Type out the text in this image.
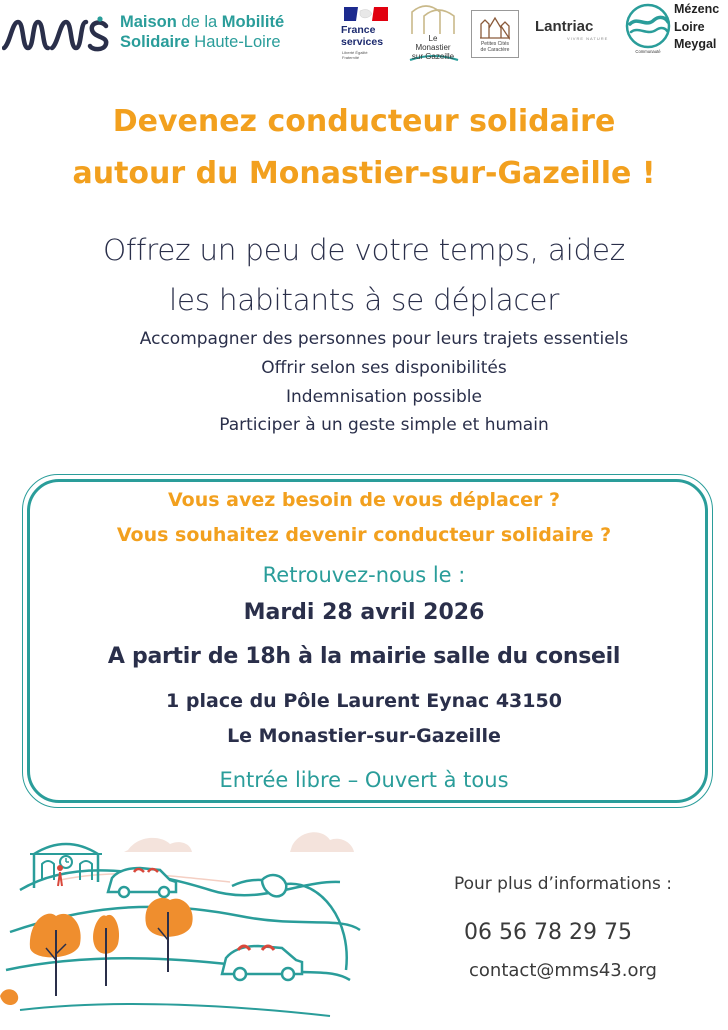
Maison de la Mobilité
Solidaire Haute-Loire
France
services
Liberté Égalité Fraternité
Le
Monastier
sur Gazeille
Petites Cités
de Caractère
Lantriac
VIVRE NATURE
Communauté
Mézenc
Loire
Meygal
Devenez conducteur solidaire
autour du Monastier-sur-Gazeille !
Offrez un peu de votre temps, aidez
les habitants à se déplacer
Accompagner des personnes pour leurs trajets essentiels
Offrir selon ses disponibilités
Indemnisation possible
Participer à un geste simple et humain
Vous avez besoin de vous déplacer ?
Vous souhaitez devenir conducteur solidaire ?
Retrouvez-nous le :
Mardi 28 avril 2026
A partir de 18h à la mairie salle du conseil
1 place du Pôle Laurent Eynac 43150
Le Monastier-sur-Gazeille
Entrée libre – Ouvert à tous
Pour plus d’informations :
06 56 78 29 75
contact@mms43.org
